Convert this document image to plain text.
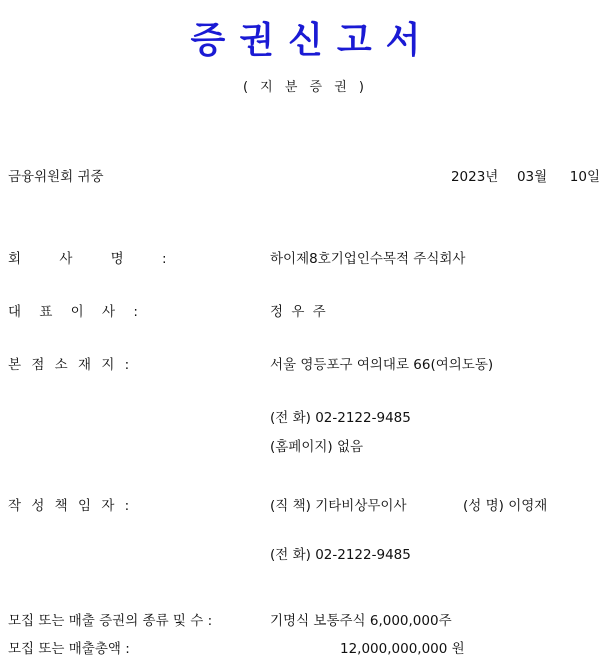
증권신고서
( 지 분 증 권 )
금융위원회 귀중	2023년 03월 10일
회 사 명 :	하이제8호기업인수목적 주식회사
대 표 이 사 :	정 우 주
본 점 소 재 지 :	서울 영등포구 여의대로 66(여의도동)
(전 화) 02-2122-9485
(홈페이지) 없음
작 성 책 임 자 :	(직 책) 기타비상무이사	(성 명) 이영재
(전 화) 02-2122-9485
모집 또는 매출 증권의 종류 및 수 :	기명식 보통주식 6,000,000주
모집 또는 매출총액 :	12,000,000,000 원
